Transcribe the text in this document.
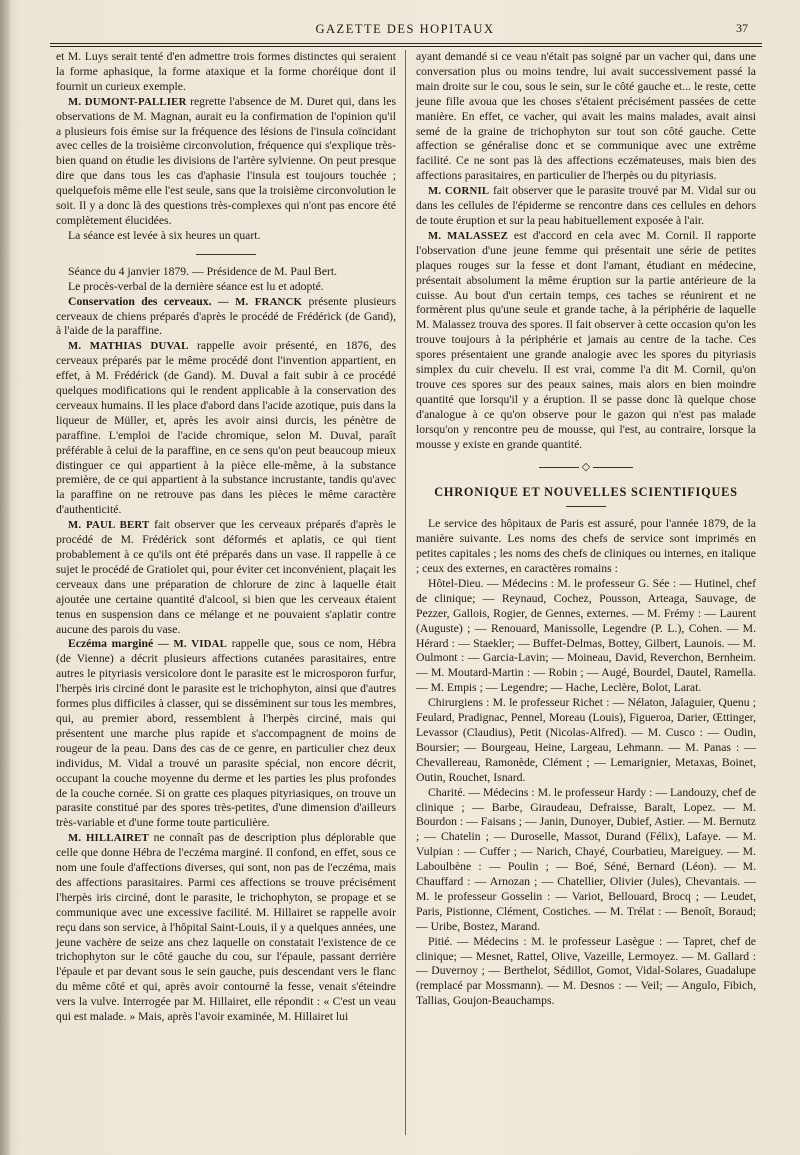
GAZETTE DES HOPITAUX	37

et M. Luys serait tenté d'en admettre trois formes distinctes qui seraient la forme aphasique, la forme ataxique et la forme choréique dont il fournit un curieux exemple.

M. DUMONT-PALLIER regrette l'absence de M. Duret qui, dans les observations de M. Magnan, aurait eu la confirmation de l'opinion qu'il a plusieurs fois émise sur la fréquence des lésions de l'insula coïncidant avec celles de la troisième circonvolution, fréquence qui s'explique très-bien quand on étudie les divisions de l'artère sylvienne. On peut presque dire que dans tous les cas d'aphasie l'insula est toujours touchée ; quelquefois même elle l'est seule, sans que la troisième circonvolution le soit. Il y a donc là des questions très-complexes qui n'ont pas encore été complètement élucidées.

La séance est levée à six heures un quart.

Séance du 4 janvier 1879. — Présidence de M. Paul Bert.

Le procès-verbal de la dernière séance est lu et adopté.

Conservation des cerveaux. — M. FRANCK présente plusieurs cerveaux de chiens préparés d'après le procédé de Frédérick (de Gand), à l'aide de la paraffine.

M. MATHIAS DUVAL rappelle avoir présenté, en 1876, des cerveaux préparés par le même procédé dont l'invention appartient, en effet, à M. Frédérick (de Gand). M. Duval a fait subir à ce procédé quelques modifications qui le rendent applicable à la conservation des cerveaux humains. Il les place d'abord dans l'acide azotique, puis dans la liqueur de Müller, et, après les avoir ainsi durcis, les pénètre de paraffine. L'emploi de l'acide chromique, selon M. Duval, paraît préférable à celui de la paraffine, en ce sens qu'on peut beaucoup mieux distinguer ce qui appartient à la pièce elle-même, à la substance première, de ce qui appartient à la substance incrustante, tandis qu'avec la paraffine on ne retrouve pas dans les pièces le même caractère d'authenticité.

M. PAUL BERT fait observer que les cerveaux préparés d'après le procédé de M. Frédérick sont déformés et aplatis, ce qui tient probablement à ce qu'ils ont été préparés dans un vase. Il rappelle à ce sujet le procédé de Gratiolet qui, pour éviter cet inconvénient, plaçait les cerveaux dans une préparation de chlorure de zinc à laquelle était ajoutée une certaine quantité d'alcool, si bien que les cerveaux étaient tenus en suspension dans ce mélange et ne pouvaient s'aplatir contre aucune des parois du vase.

Eczéma marginé — M. VIDAL rappelle que, sous ce nom, Hébra (de Vienne) a décrit plusieurs affections cutanées parasitaires, entre autres le pityriasis versicolore dont le parasite est le microsporon furfur, l'herpès iris circiné dont le parasite est le trichophyton, ainsi que d'autres formes plus difficiles à classer, qui se disséminent sur tous les membres, qui, au premier abord, ressemblent à l'herpès circiné, mais qui présentent une marche plus rapide et s'accompagnent de moins de rougeur de la peau. Dans des cas de ce genre, en particulier chez deux individus, M. Vidal a trouvé un parasite spécial, non encore décrit, occupant la couche moyenne du derme et les parties les plus profondes de la couche cornée. Si on gratte ces plaques pityriasiques, on trouve un parasite constitué par des spores très-petites, d'une dimension d'ailleurs très-variable et d'une forme toute particulière.

M. HILLAIRET ne connaît pas de description plus déplorable que celle que donne Hébra de l'eczéma marginé. Il confond, en effet, sous ce nom une foule d'affections diverses, qui sont, non pas de l'eczéma, mais des affections parasitaires. Parmi ces affections se trouve précisément l'herpès iris circiné, dont le parasite, le trichophyton, se propage et se communique avec une excessive facilité. M. Hillairet se rappelle avoir reçu dans son service, à l'hôpital Saint-Louis, il y a quelques années, une jeune vachère de seize ans chez laquelle on constatait l'existence de ce trichophyton sur le côté gauche du cou, sur l'épaule, passant derrière l'épaule et par devant sous le sein gauche, puis descendant vers le flanc du même côté et qui, après avoir contourné la fesse, venait s'éteindre vers la vulve. Interrogée par M. Hillairet, elle répondit : « C'est un veau qui est malade. » Mais, après l'avoir examinée, M. Hillairet lui

ayant demandé si ce veau n'était pas soigné par un vacher qui, dans une conversation plus ou moins tendre, lui avait successivement passé la main droite sur le cou, sous le sein, sur le côté gauche et... le reste, cette jeune fille avoua que les choses s'étaient précisément passées de cette manière. En effet, ce vacher, qui avait les mains malades, avait ainsi semé de la graine de trichophyton sur tout son côté gauche. Cette affection se généralise donc et se communique avec une extrême facilité. Ce ne sont pas là des affections eczémateuses, mais bien des affections parasitaires, en particulier de l'herpès ou du pityriasis.

M. CORNIL fait observer que le parasite trouvé par M. Vidal sur ou dans les cellules de l'épiderme se rencontre dans ces cellules en dehors de toute éruption et sur la peau habituellement exposée à l'air.

M. MALASSEZ est d'accord en cela avec M. Cornil. Il rapporte l'observation d'une jeune femme qui présentait une série de petites plaques rouges sur la fesse et dont l'amant, étudiant en médecine, présentait absolument la même éruption sur la partie antérieure de la cuisse. Au bout d'un certain temps, ces taches se réunirent et ne formèrent plus qu'une seule et grande tache, à la périphérie de laquelle M. Malassez trouva des spores. Il fait observer à cette occasion qu'on les trouve toujours à la périphérie et jamais au centre de la tache. Ces spores présentaient une grande analogie avec les spores du pityriasis simplex du cuir chevelu. Il est vrai, comme l'a dit M. Cornil, qu'on trouve ces spores sur des peaux saines, mais alors en bien moindre quantité que lorsqu'il y a éruption. Il se passe donc là quelque chose d'analogue à ce qu'on observe pour le gazon qui n'est pas malade lorsqu'on y rencontre peu de mousse, qui l'est, au contraire, lorsque la mousse y existe en grande quantité.

◇
CHRONIQUE ET NOUVELLES SCIENTIFIQUES

Le service des hôpitaux de Paris est assuré, pour l'année 1879, de la manière suivante. Les noms des chefs de service sont imprimés en petites capitales ; les noms des chefs de cliniques ou internes, en italique ; ceux des externes, en caractères romains :

Hôtel-Dieu. — Médecins : M. le professeur G. Sée : — Hutinel, chef de clinique; — Reynaud, Cochez, Pousson, Arteaga, Sauvage, de Pezzer, Gallois, Rogier, de Gennes, externes. — M. Frémy : — Laurent (Auguste) ; — Renouard, Manissolle, Legendre (P. L.), Cohen. — M. Hérard : — Staekler; — Buffet-Delmas, Bottey, Gilbert, Launois. — M. Oulmont : — Garcia-Lavin; — Moineau, David, Reverchon, Bernheim. — M. Moutard-Martin : — Robin ; — Augé, Bourdel, Dautel, Ramella. — M. Empis ; — Legendre; — Hache, Leclère, Bolot, Larat.

Chirurgiens : M. le professeur Richet : — Nélaton, Jalaguier, Quenu ; Feulard, Pradignac, Pennel, Moreau (Louis), Figueroa, Darier, Œttinger, Levassor (Claudius), Petit (Nicolas-Alfred). — M. Cusco : — Oudin, Boursier; — Bourgeau, Heine, Largeau, Lehmann. — M. Panas : — Chevallereau, Ramonède, Clément ; — Lemarignier, Metaxas, Boinet, Outin, Rouchet, Isnard.

Charité. — Médecins : M. le professeur Hardy : — Landouzy, chef de clinique ; — Barbe, Giraudeau, Defraisse, Baralt, Lopez. — M. Bourdon : — Faisans ; — Janin, Dunoyer, Dubief, Astier. — M. Bernutz ; — Chatelin ; — Duroselle, Massot, Durand (Félix), Lafaye. — M. Vulpian : — Cuffer ; — Narich, Chayé, Courbatieu, Mareiguey. — M. Laboulbène : — Poulin ; — Boé, Séné, Bernard (Léon). — M. Chauffard : — Arnozan ; — Chatellier, Olivier (Jules), Chevantais. — M. le professeur Gosselin : — Variot, Bellouard, Brocq ; — Leudet, Paris, Pistionne, Clément, Costiches. — M. Trélat : — Benoît, Boraud; — Uribe, Bostez, Marand.

Pitié. — Médecins : M. le professeur Lasègue : — Tapret, chef de clinique; — Mesnet, Rattel, Olive, Vazeille, Lermoyez. — M. Gallard : — Duvernoy ; — Berthelot, Sédillot, Gomot, Vidal-Solares, Guadalupe (remplacé par Mossmann). — M. Desnos : — Veil; — Angulo, Fibich, Tallias, Goujon-Beauchamps.
